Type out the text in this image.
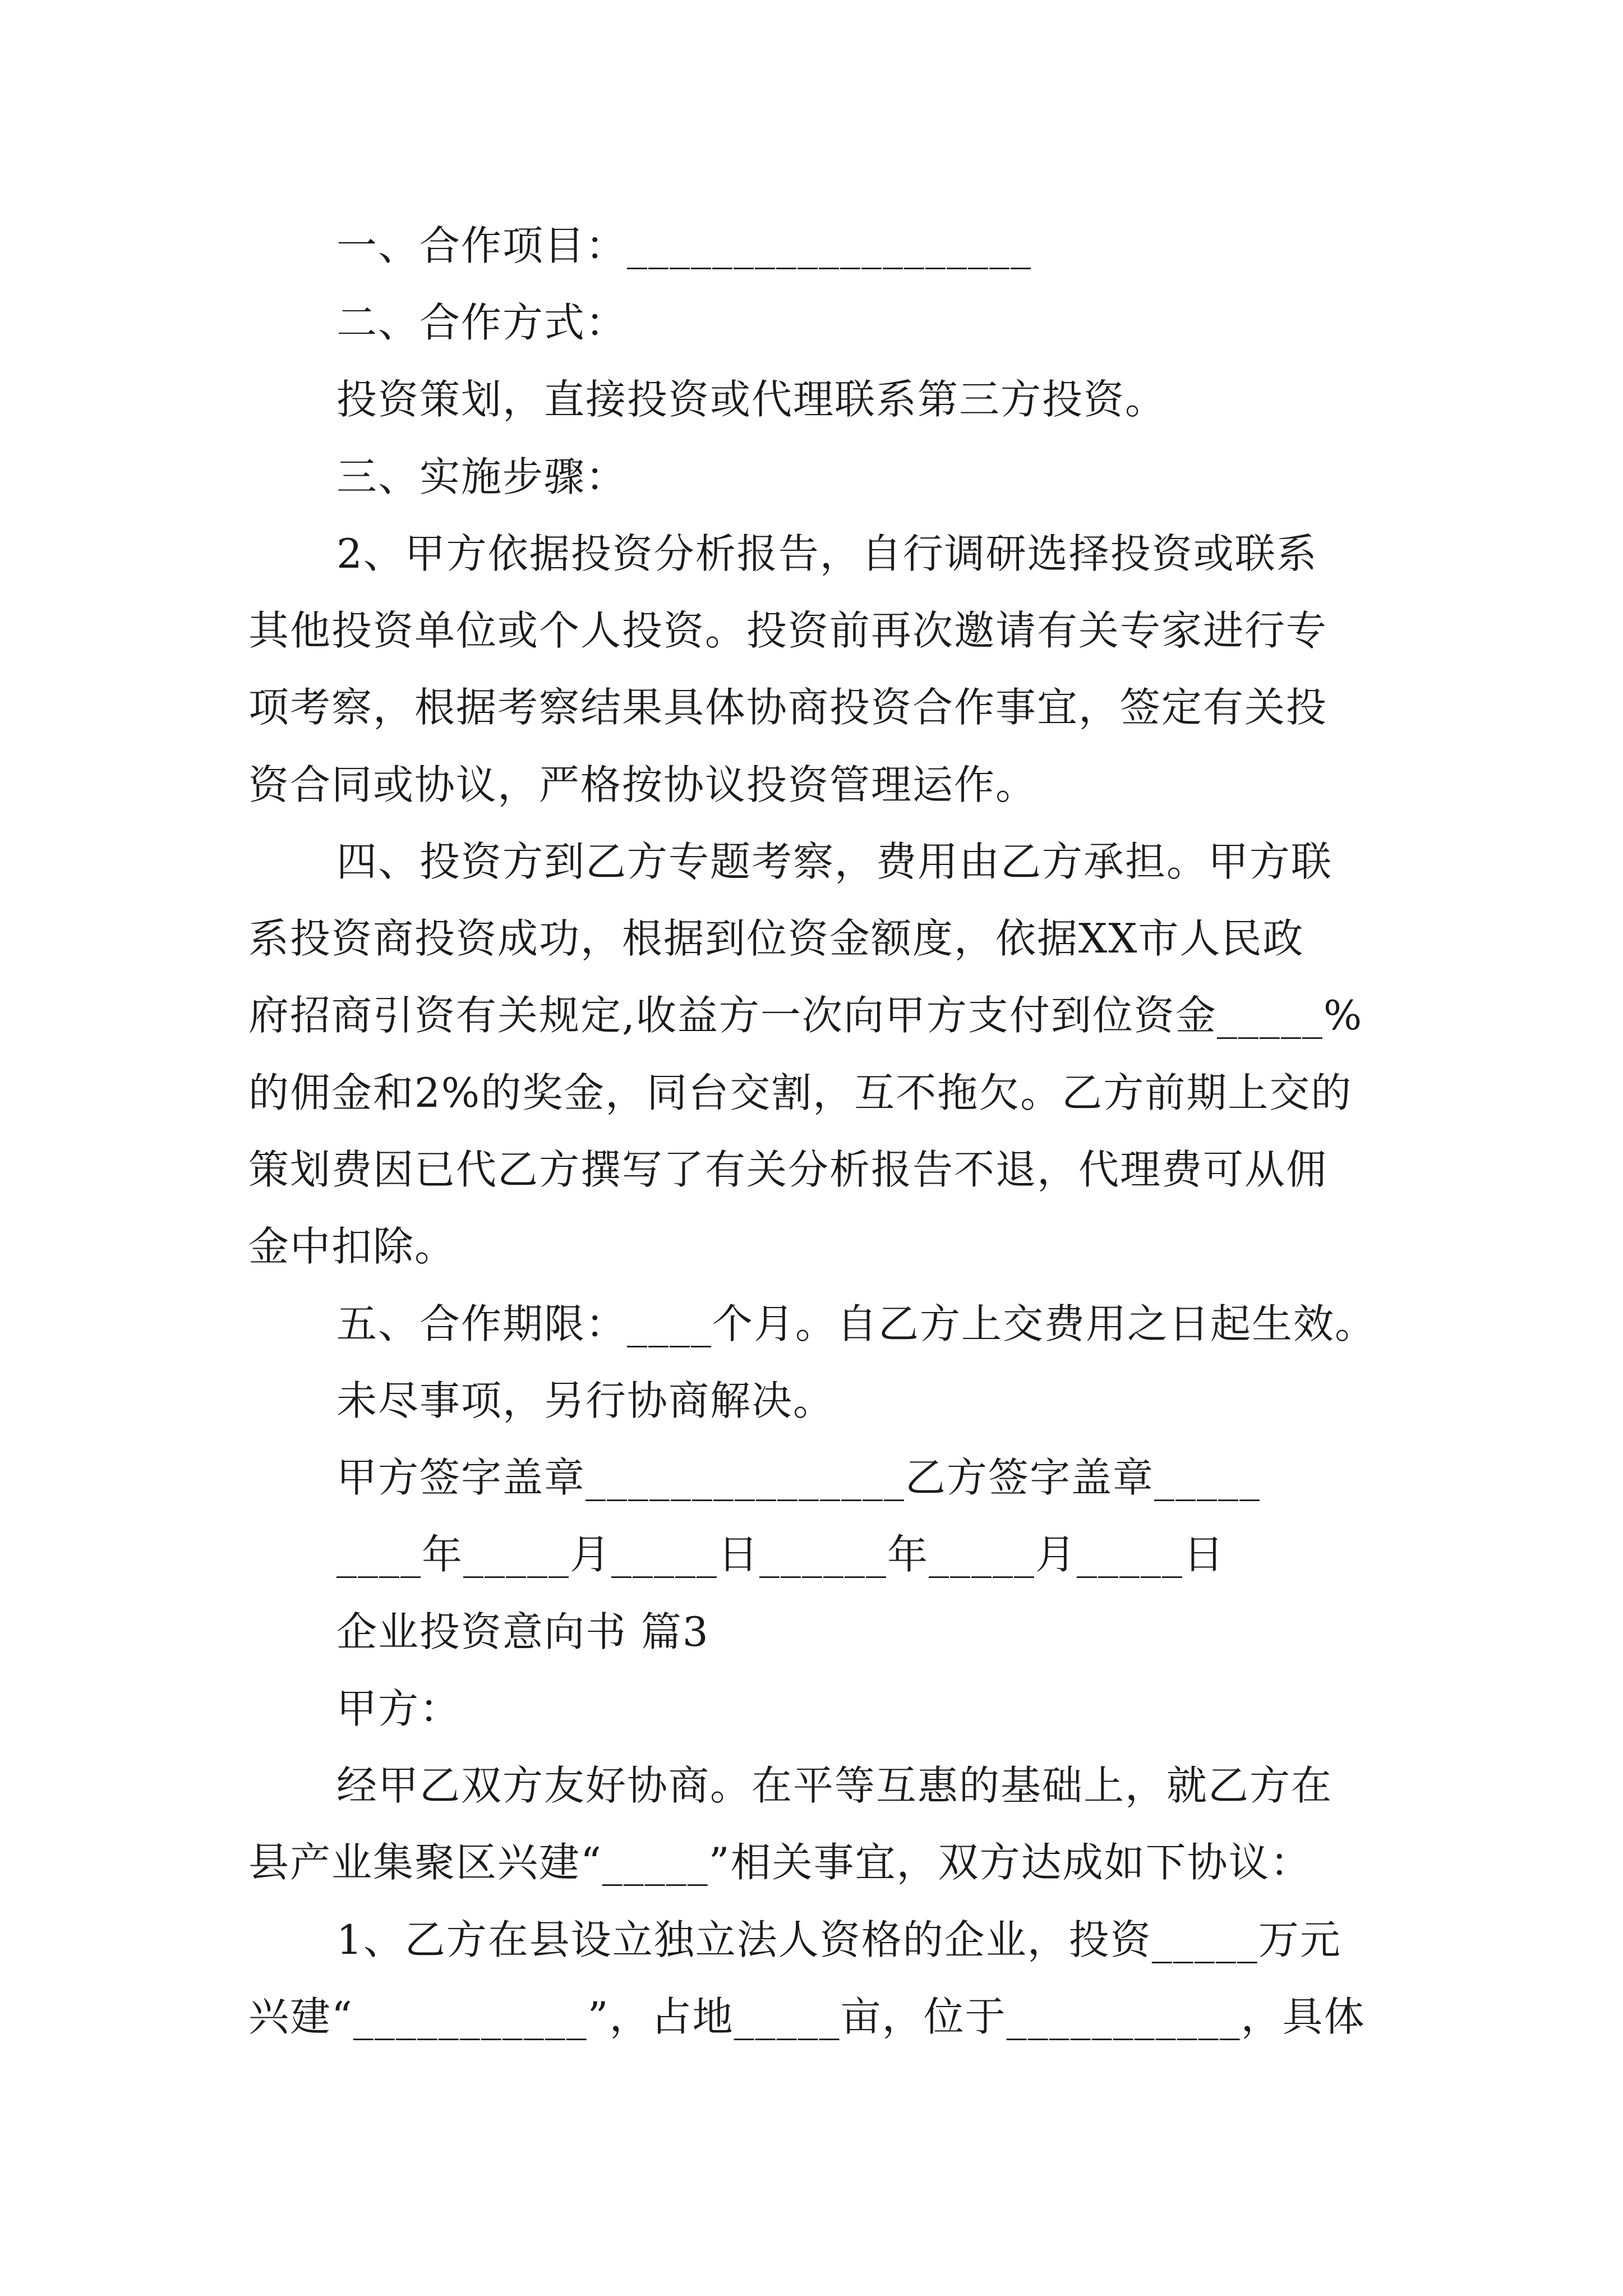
一、合作项目：___________________
二、合作方式：
投资策划，直接投资或代理联系第三方投资。
三、实施步骤：
2、甲方依据投资分析报告，自行调研选择投资或联系
其他投资单位或个人投资。投资前再次邀请有关专家进行专
项考察，根据考察结果具体协商投资合作事宜，签定有关投
资合同或协议，严格按协议投资管理运作。
四、投资方到乙方专题考察，费用由乙方承担。甲方联
系投资商投资成功，根据到位资金额度，依据XX市人民政
府招商引资有关规定,收益方一次向甲方支付到位资金_____%
的佣金和2%的奖金，同台交割，互不拖欠。乙方前期上交的
策划费因已代乙方撰写了有关分析报告不退，代理费可从佣
金中扣除。
五、合作期限：____个月。自乙方上交费用之日起生效。
未尽事项，另行协商解决。
甲方签字盖章_______________乙方签字盖章_____
____年_____月_____日______年_____月_____日
企业投资意向书 篇3
甲方：
经甲乙双方友好协商。在平等互惠的基础上，就乙方在
县产业集聚区兴建“_____”相关事宜，双方达成如下协议：
1、乙方在县设立独立法人资格的企业，投资_____万元
兴建“___________”，占地_____亩，位于___________，具体
